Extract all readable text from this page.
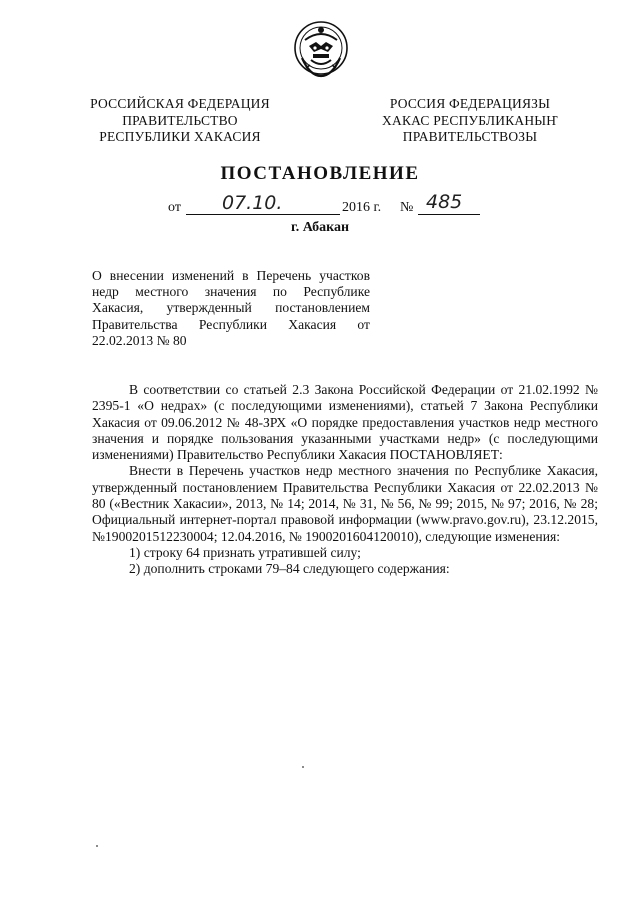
РОССИЙСКАЯ ФЕДЕРАЦИЯ
ПРАВИТЕЛЬСТВО
РЕСПУБЛИКИ ХАКАСИЯ
РОССИЯ ФЕДЕРАЦИЯЗЫ
ХАКАС РЕСПУБЛИКАНЫҤ
ПРАВИТЕЛЬСТВОЗЫ
ПОСТАНОВЛЕНИЕ
от 07.10.	2016 г. № 485
г. Абакан
О внесении изменений в Перечень участков недр местного значения по Республике Хакасия, утвержденный постановлением Правительства Республики Хакасия от 22.02.2013 № 80

В соответствии со статьей 2.3 Закона Российской Федерации от 21.02.1992 № 2395-1 «О недрах» (с последующими изменениями), статьей 7 Закона Республики Хакасия от 09.06.2012 № 48-ЗРХ «О порядке предоставления участков недр местного значения и порядке пользования указанными участками недр» (с последующими изменениями) Правительство Республики Хакасия ПОСТАНОВЛЯЕТ:

Внести в Перечень участков недр местного значения по Республике Хакасия, утвержденный постановлением Правительства Республики Хакасия от 22.02.2013 № 80 («Вестник Хакасии», 2013, № 14; 2014, № 31, № 56, № 99; 2015, № 97; 2016, № 28; Официальный интернет-портал правовой информации (www.pravo.gov.ru), 23.12.2015, №1900201512230004; 12.04.2016, № 1900201604120010), следующие изменения:

1) строку 64 признать утратившей силу;

2) дополнить строками 79–84 следующего содержания:
